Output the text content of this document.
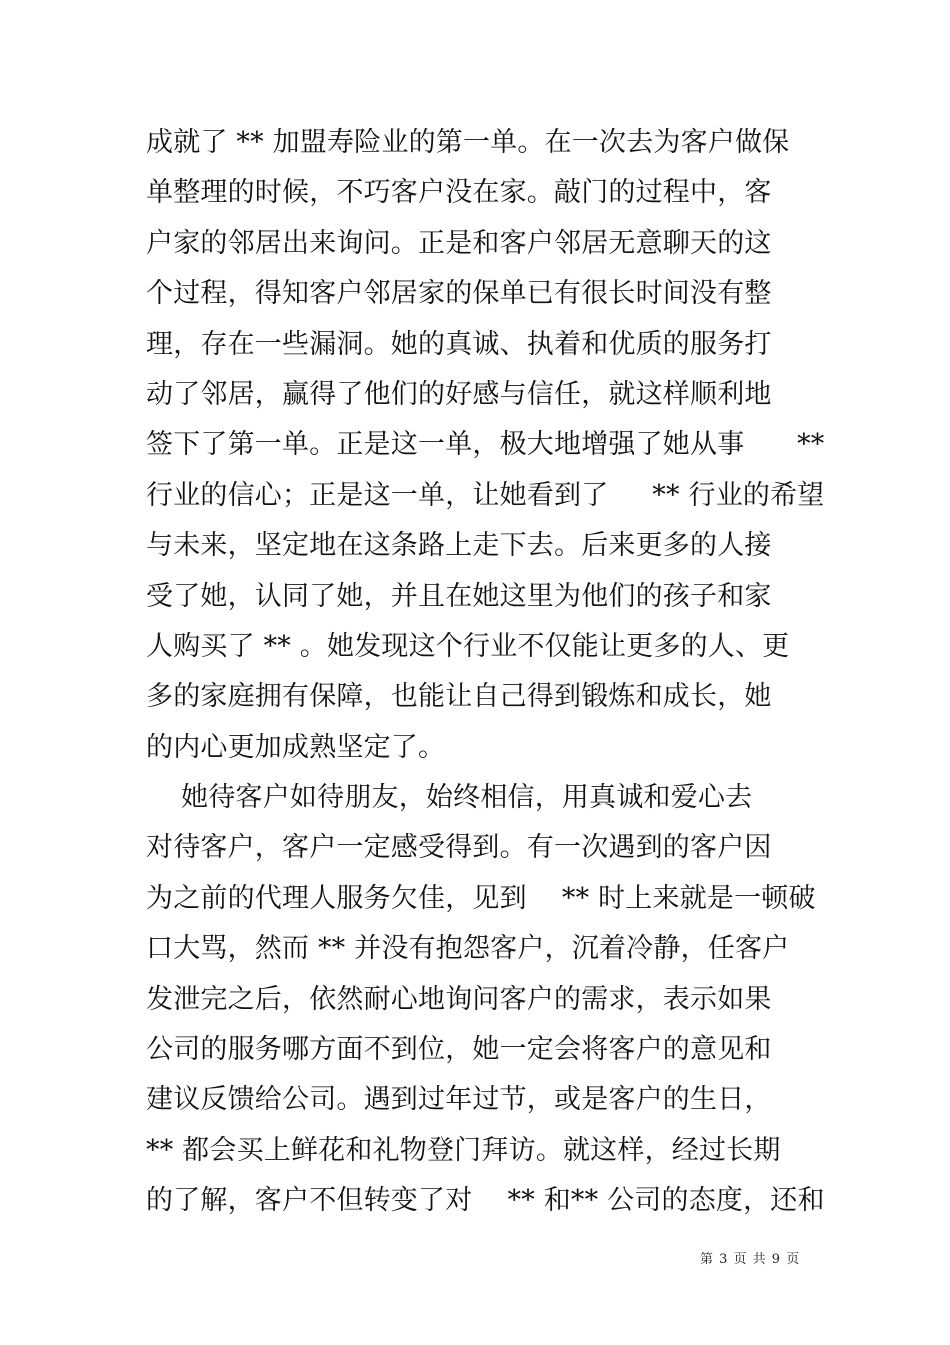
成就了 ** 加盟寿险业的第一单。在一次去为客户做保
单整理的时候，不巧客户没在家。敲门的过程中，客
户家的邻居出来询问。正是和客户邻居无意聊天的这
个过程，得知客户邻居家的保单已有很长时间没有整
理，存在一些漏洞。她的真诚、执着和优质的服务打
动了邻居，赢得了他们的好感与信任，就这样顺利地
签下了第一单。正是这一单，极大地增强了她从事      **
行业的信心；正是这一单，让她看到了     ** 行业的希望
与未来，坚定地在这条路上走下去。后来更多的人接
受了她，认同了她，并且在她这里为他们的孩子和家
人购买了 ** 。她发现这个行业不仅能让更多的人、更
多的家庭拥有保障，也能让自己得到锻炼和成长，她
的内心更加成熟坚定了。
她待客户如待朋友，始终相信，用真诚和爱心去
对待客户，客户一定感受得到。有一次遇到的客户因
为之前的代理人服务欠佳，见到    ** 时上来就是一顿破
口大骂，然而 ** 并没有抱怨客户，沉着冷静，任客户
发泄完之后，依然耐心地询问客户的需求，表示如果
公司的服务哪方面不到位，她一定会将客户的意见和
建议反馈给公司。遇到过年过节，或是客户的生日，
** 都会买上鲜花和礼物登门拜访。就这样，经过长期
的了解，客户不但转变了对    ** 和** 公司的态度，还和
第 3 页 共 9 页
